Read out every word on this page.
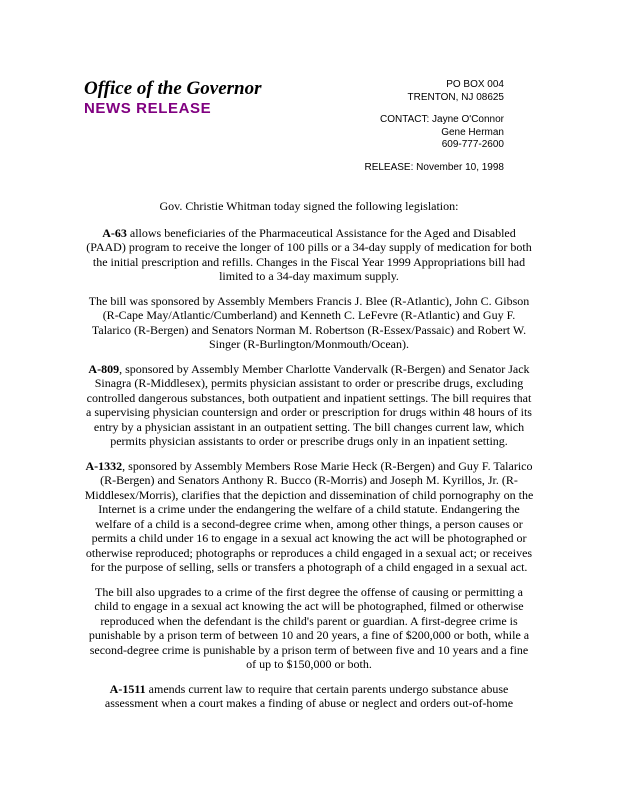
Office of the Governor
NEWS RELEASE
PO BOX 004
TRENTON, NJ 08625
CONTACT: Jayne O'Connor
Gene Herman
609-777-2600
RELEASE: November 10, 1998

Gov. Christie Whitman today signed the following legislation:

A-63 allows beneficiaries of the Pharmaceutical Assistance for the Aged and Disabled (PAAD) program to receive the longer of 100 pills or a 34-day supply of medication for both the initial prescription and refills. Changes in the Fiscal Year 1999 Appropriations bill had limited to a 34-day maximum supply.

The bill was sponsored by Assembly Members Francis J. Blee (R-Atlantic), John C. Gibson (R-Cape May/Atlantic/Cumberland) and Kenneth C. LeFevre (R-Atlantic) and Guy F. Talarico (R-Bergen) and Senators Norman M. Robertson (R-Essex/Passaic) and Robert W. Singer (R-Burlington/Monmouth/Ocean).

A-809, sponsored by Assembly Member Charlotte Vandervalk (R-Bergen) and Senator Jack Sinagra (R-Middlesex), permits physician assistant to order or prescribe drugs, excluding controlled dangerous substances, both outpatient and inpatient settings. The bill requires that a supervising physician countersign and order or prescription for drugs within 48 hours of its entry by a physician assistant in an outpatient setting. The bill changes current law, which permits physician assistants to order or prescribe drugs only in an inpatient setting.

A-1332, sponsored by Assembly Members Rose Marie Heck (R-Bergen) and Guy F. Talarico (R-Bergen) and Senators Anthony R. Bucco (R-Morris) and Joseph M. Kyrillos, Jr. (R-Middlesex/Morris), clarifies that the depiction and dissemination of child pornography on the Internet is a crime under the endangering the welfare of a child statute. Endangering the welfare of a child is a second-degree crime when, among other things, a person causes or permits a child under 16 to engage in a sexual act knowing the act will be photographed or otherwise reproduced; photographs or reproduces a child engaged in a sexual act; or receives for the purpose of selling, sells or transfers a photograph of a child engaged in a sexual act.

The bill also upgrades to a crime of the first degree the offense of causing or permitting a child to engage in a sexual act knowing the act will be photographed, filmed or otherwise reproduced when the defendant is the child's parent or guardian. A first-degree crime is punishable by a prison term of between 10 and 20 years, a fine of $200,000 or both, while a second-degree crime is punishable by a prison term of between five and 10 years and a fine of up to $150,000 or both.

A-1511 amends current law to require that certain parents undergo substance abuse assessment when a court makes a finding of abuse or neglect and orders out-of-home
